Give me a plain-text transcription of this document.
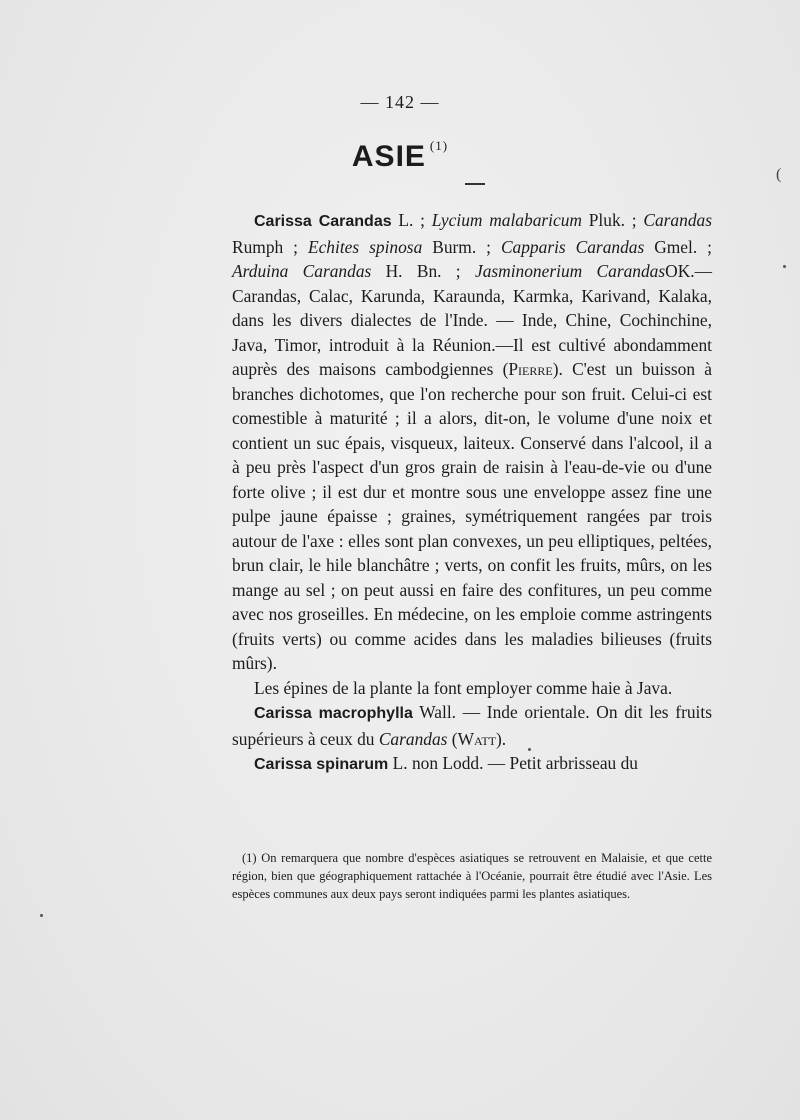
— 142 —
ASIE $^{(1)}$
(

Carissa Carandas L. ; Lycium malabaricum Pluk. ; Carandas Rumph ; Echites spinosa Burm. ; Capparis Carandas Gmel. ; Arduina Carandas H. Bn. ; Jasminonerium CarandasOK.— Carandas, Calac, Karunda, Karaunda, Karmka, Karivand, Kalaka, dans les divers dialectes de l'Inde. — Inde, Chine, Cochinchine, Java, Timor, introduit à la Réunion.—Il est cultivé abondamment auprès des maisons cambodgiennes (Pierre). C'est un buisson à branches dichotomes, que l'on recherche pour son fruit. Celui-ci est comestible à maturité ; il a alors, dit-on, le volume d'une noix et contient un suc épais, visqueux, laiteux. Conservé dans l'alcool, il a à peu près l'aspect d'un gros grain de raisin à l'eau-de-vie ou d'une forte olive ; il est dur et montre sous une enveloppe assez fine une pulpe jaune épaisse ; graines, symétriquement rangées par trois autour de l'axe : elles sont plan convexes, un peu elliptiques, peltées, brun clair, le hile blanchâtre ; verts, on confit les fruits, mûrs, on les mange au sel ; on peut aussi en faire des confitures, un peu comme avec nos groseilles. En médecine, on les emploie comme astringents (fruits verts) ou comme acides dans les maladies bilieuses (fruits mûrs).

Les épines de la plante la font employer comme haie à Java.

Carissa macrophylla Wall. — Inde orientale. On dit les fruits supérieurs à ceux du Carandas (Watt).

Carissa spinarum L. non Lodd. — Petit arbrisseau du

(1) On remarquera que nombre d'espèces asiatiques se retrouvent en Malaisie, et que cette région, bien que géographiquement rattachée à l'Océanie, pourrait être étudié avec l'Asie. Les espèces communes aux deux pays seront indiquées parmi les plantes asiatiques.
